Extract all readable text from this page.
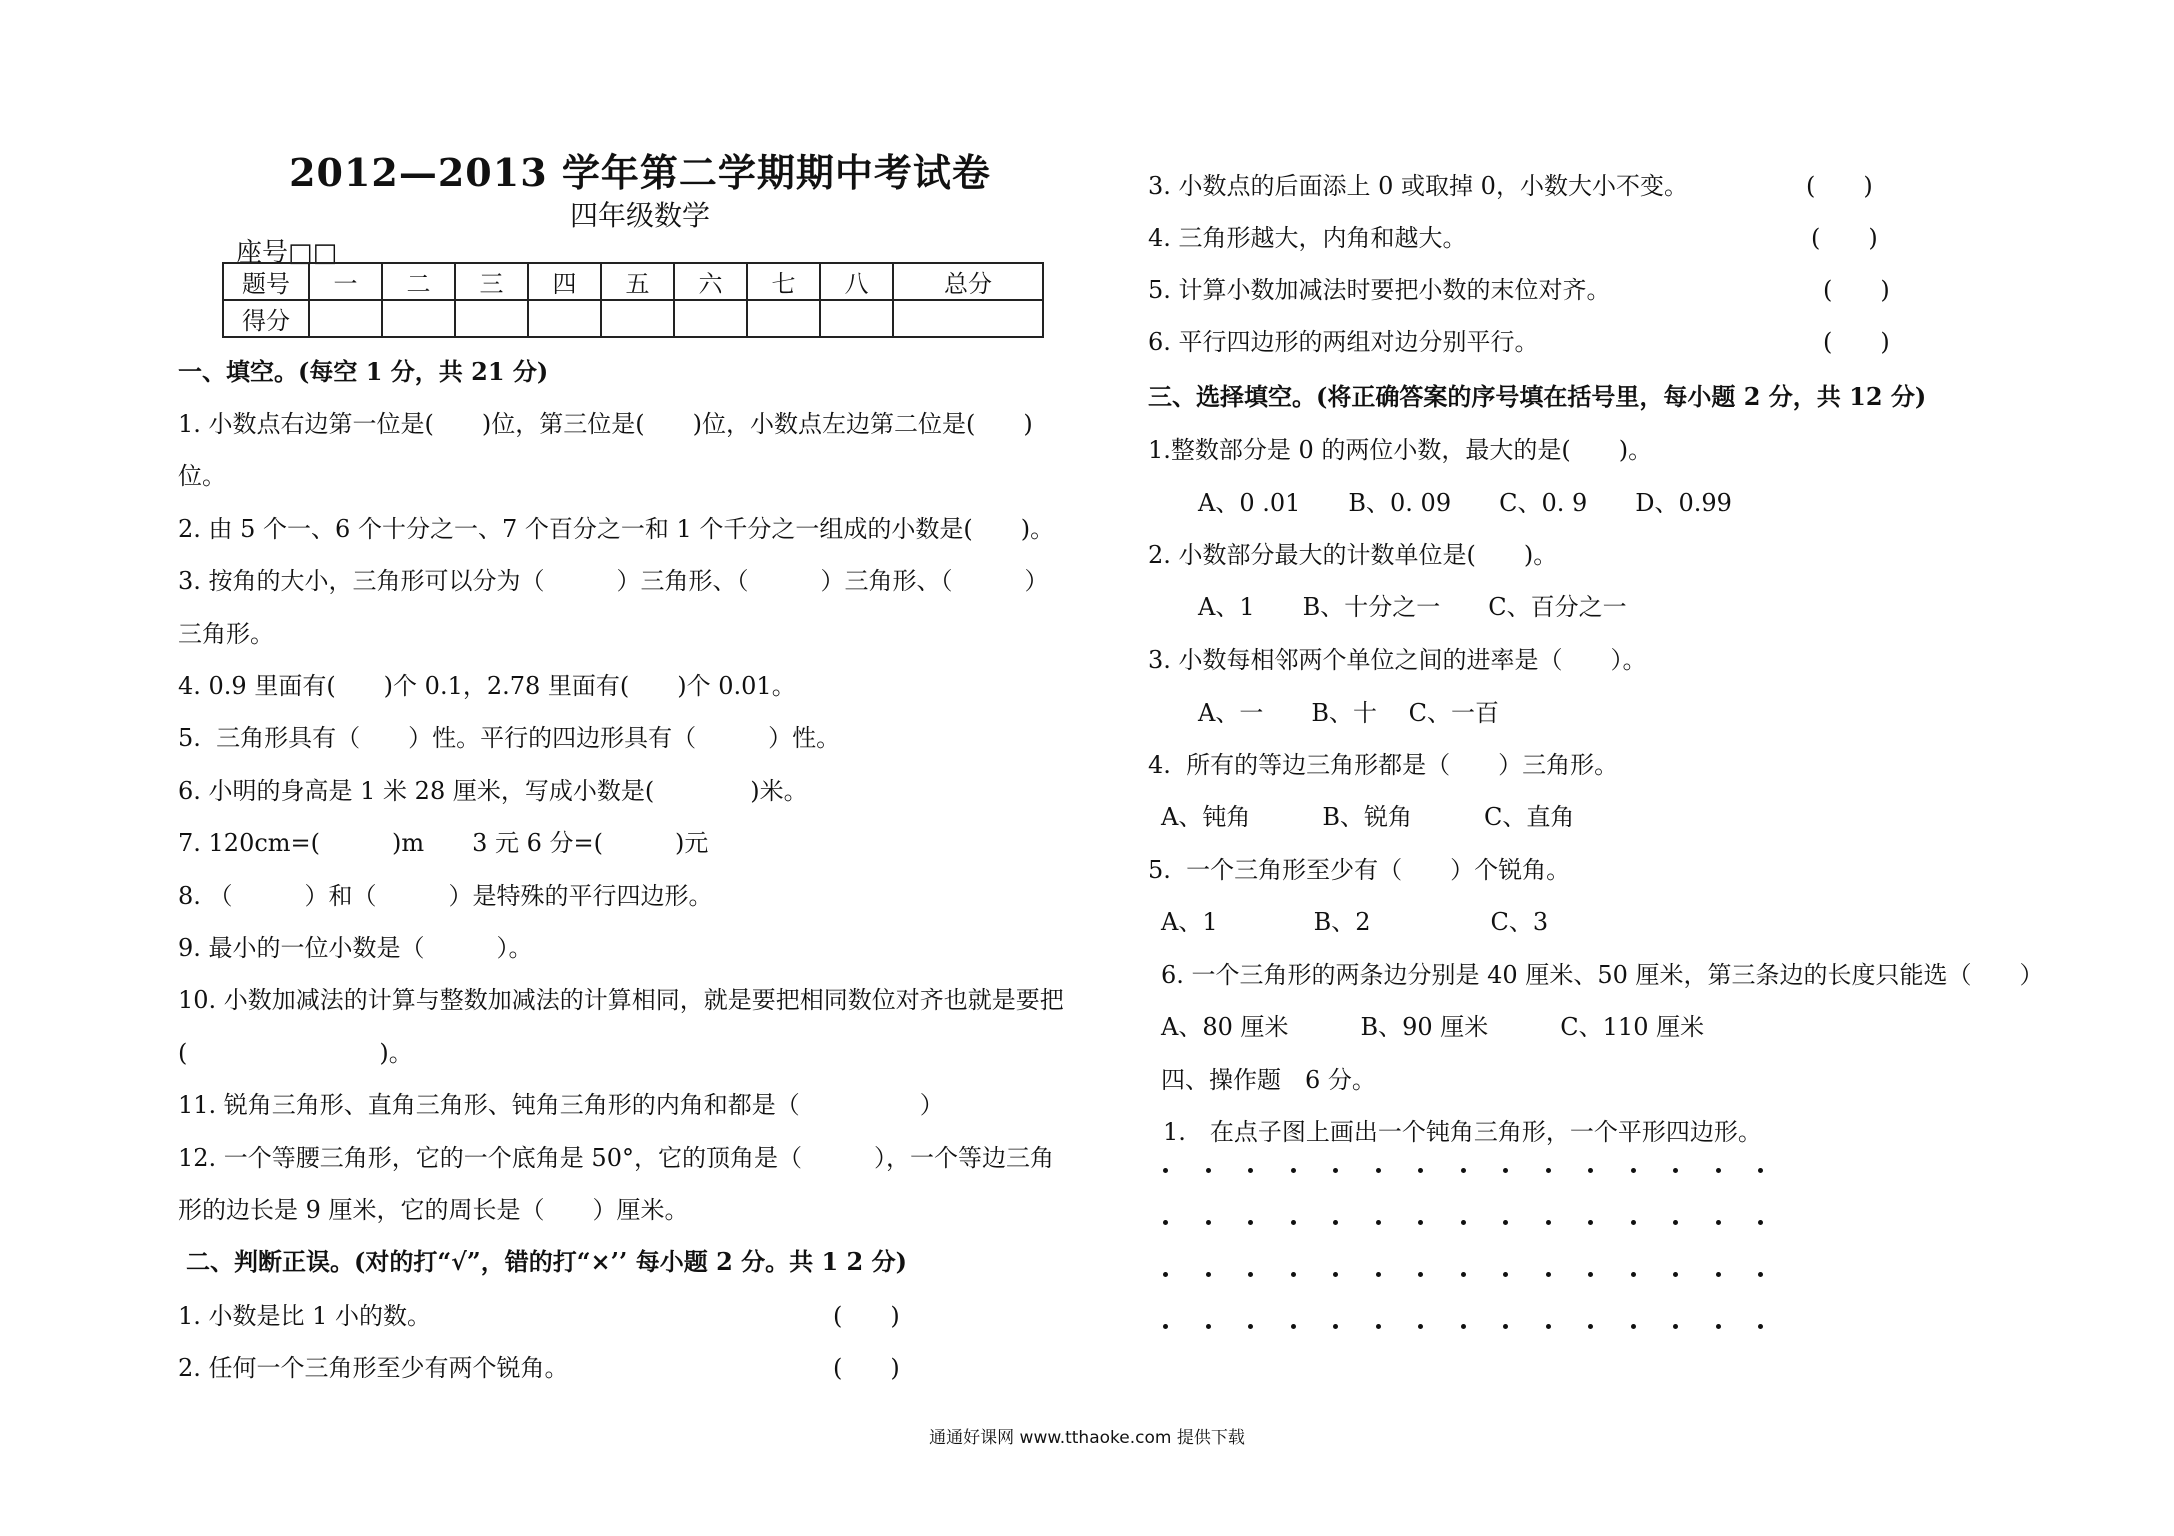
2012—2013 学年第二学期期中考试卷
四年级数学
座号□□
题号	一	二	三	四	五	六	七	八	总分
得分									
一、填空。(每空 1 分，共 21 分)
1. 小数点右边第一位是(　　)位，第三位是(　　)位，小数点左边第二位是(　　)
位。
2. 由 5 个一、6 个十分之一、7 个百分之一和 1 个千分之一组成的小数是(　　)。
3. 按角的大小，三角形可以分为（　　　）三角形、（　　　）三角形、（　　　）
三角形。
4. 0.9 里面有(　　)个 0.1，2.78 里面有(　　)个 0.01。
5.  三角形具有（　　）性。平行的四边形具有（　　　）性。
6. 小明的身高是 1 米 28 厘米，写成小数是(　　　　)米。
7. 120cm=(　　　)m　　3 元 6 分=(　　　)元
8. （　　　）和（　　　）是特殊的平行四边形。
9. 最小的一位小数是（　　　）。
10. 小数加减法的计算与整数加减法的计算相同，就是要把相同数位对齐也就是要把
(　　　　　　　　)。
11. 锐角三角形、直角三角形、钝角三角形的内角和都是（　　　　　）
12. 一个等腰三角形，它的一个底角是 50°，它的顶角是（　　　），一个等边三角
形的边长是 9 厘米，它的周长是（　　）厘米。
二、判断正误。(对的打“√”，错的打“×’’ 每小题 2 分。共 1 2 分)
1. 小数是比 1 小的数。	(　　)
2. 任何一个三角形至少有两个锐角。	(　　)
3. 小数点的后面添上 0 或取掉 0，小数大小不变。	(　　)
4. 三角形越大，内角和越大。	(　　)
5. 计算小数加减法时要把小数的末位对齐。	(　　)
6. 平行四边形的两组对边分别平行。	(　　)
三、选择填空。(将正确答案的序号填在括号里，每小题 2 分，共 12 分)
1.整数部分是 0 的两位小数，最大的是(　　)。
A、0 .01　　B、0. 09　　C、0. 9　　D、0.99
2. 小数部分最大的计数单位是(　　)。
A、1　　B、十分之一　　C、百分之一
3. 小数每相邻两个单位之间的进率是（　　）。
A、一　　B、十　 C、一百
4.  所有的等边三角形都是（　　）三角形。
A、钝角　　　B、锐角　　　C、直角
5.  一个三角形至少有（　　）个锐角。
A、1　　　　B、2　　　　　C、3
6. 一个三角形的两条边分别是 40 厘米、50 厘米，第三条边的长度只能选（　　）
A、80 厘米　　　B、90 厘米　　　C、110 厘米
四、操作题　6 分。
1.　在点子图上画出一个钝角三角形，一个平形四边形。
通通好课网 www.tthaoke.com 提供下载
